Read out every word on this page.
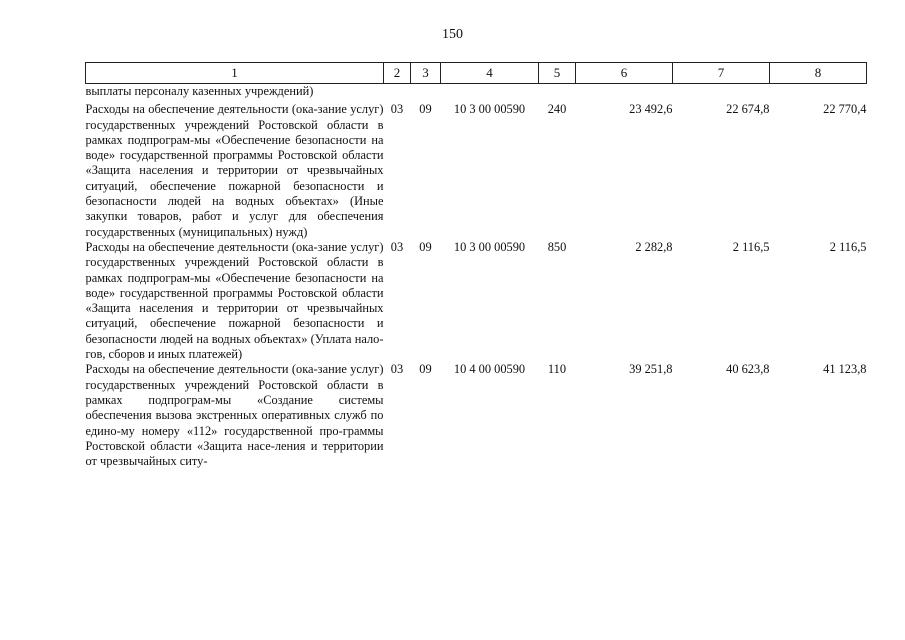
150
1	2	3	4	5	6	7	8
выплаты персоналу казенных учреждений)							
Расходы на обеспечение деятельности (ока-зание услуг) государственных учреждений Ростовской области в рамках подпрограм-мы «Обеспечение безопасности на воде» государственной программы Ростовской области «Защита населения и территории от чрезвычайных ситуаций, обеспечение пожарной безопасности и безопасности людей на водных объектах» (Иные закупки товаров, работ и услуг для обеспечения государственных (муниципальных) нужд)	03	09	10 3 00 00590	240	23 492,6	22 674,8	22 770,4
Расходы на обеспечение деятельности (ока-зание услуг) государственных учреждений Ростовской области в рамках подпрограм-мы «Обеспечение безопасности на воде» государственной программы Ростовской области «Защита населения и территории от чрезвычайных ситуаций, обеспечение пожарной безопасности и безопасности людей на водных объектах» (Уплата нало-гов, сборов и иных платежей)	03	09	10 3 00 00590	850	2 282,8	2 116,5	2 116,5
Расходы на обеспечение деятельности (ока-зание услуг) государственных учреждений Ростовской области в рамках подпрограм-мы «Создание системы обеспечения вызова экстренных оперативных служб по едино-му номеру «112» государственной про-граммы Ростовской области «Защита насе-ления и территории от чрезвычайных ситу-	03	09	10 4 00 00590	110	39 251,8	40 623,8	41 123,8
